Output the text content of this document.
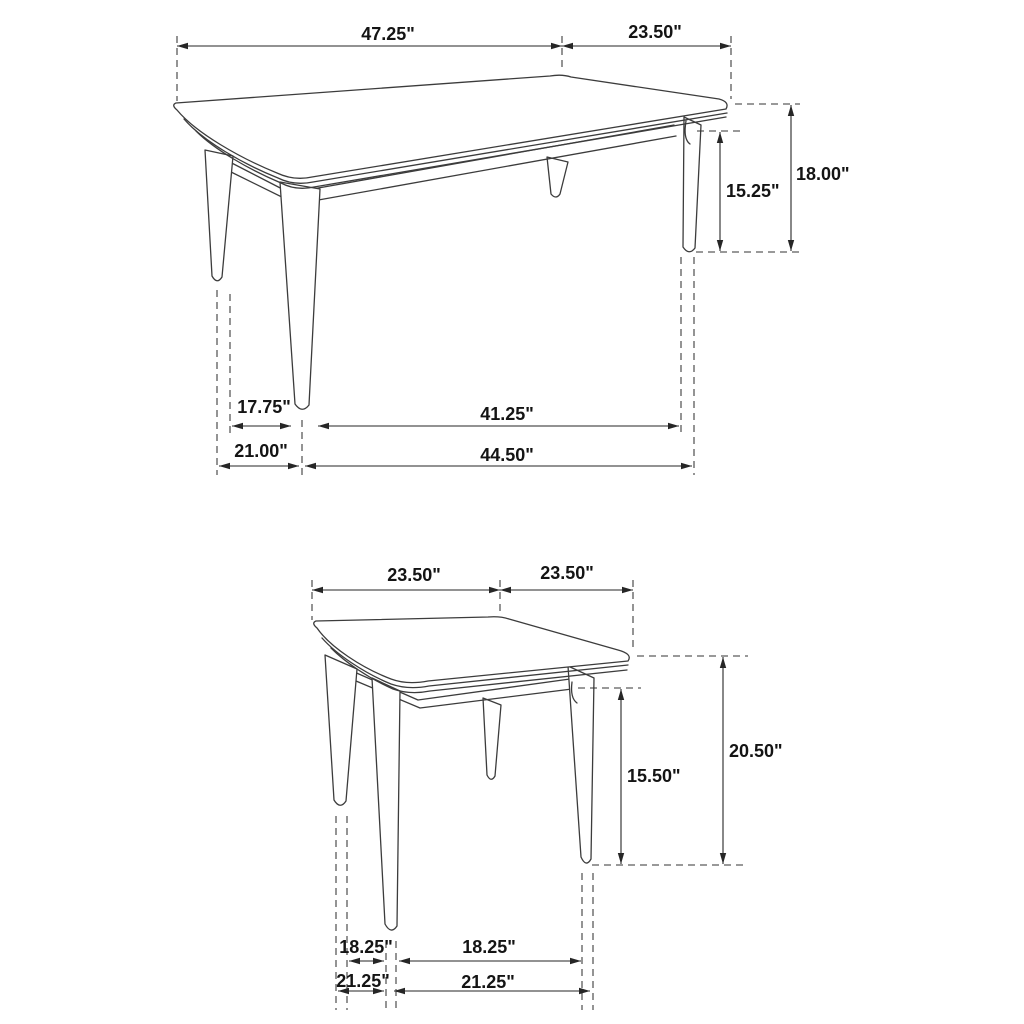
47.25"	23.50"
18.00"
15.25"
17.75"	41.25"
21.00"	44.50"
23.50"	23.50"
20.50"
15.50"
18.25"	18.25"
21.25"	21.25"
